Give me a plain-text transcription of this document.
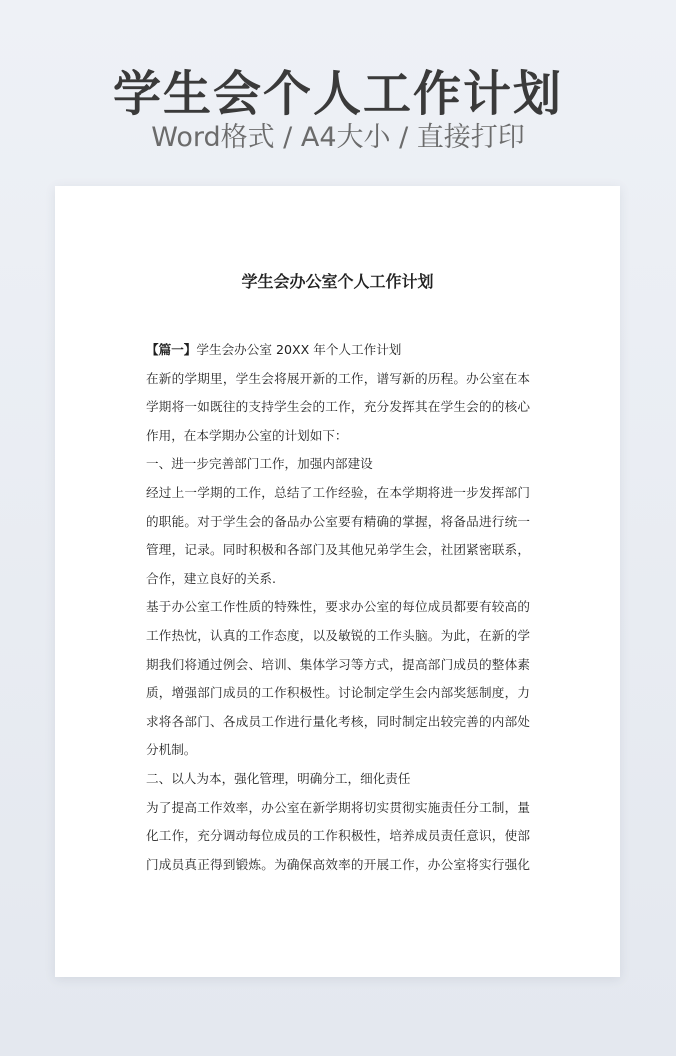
学生会个人工作计划
Word格式 / A4大小 / 直接打印
学生会办公室个人工作计划
【篇一】学生会办公室 20XX 年个人工作计划
在新的学期里，学生会将展开新的工作，谱写新的历程。办公室在本
学期将一如既往的支持学生会的工作，充分发挥其在学生会的的核心
作用，在本学期办公室的计划如下：
一、进一步完善部门工作，加强内部建设
经过上一学期的工作，总结了工作经验，在本学期将进一步发挥部门
的职能。对于学生会的备品办公室要有精确的掌握，将备品进行统一
管理，记录。同时积极和各部门及其他兄弟学生会，社团紧密联系，
合作，建立良好的关系.
基于办公室工作性质的特殊性，要求办公室的每位成员都要有较高的
工作热忱，认真的工作态度，以及敏锐的工作头脑。为此，在新的学
期我们将通过例会、培训、集体学习等方式，提高部门成员的整体素
质，增强部门成员的工作积极性。讨论制定学生会内部奖惩制度，力
求将各部门、各成员工作进行量化考核，同时制定出较完善的内部处
分机制。
二、以人为本，强化管理，明确分工，细化责任
为了提高工作效率，办公室在新学期将切实贯彻实施责任分工制，量
化工作，充分调动每位成员的工作积极性，培养成员责任意识，使部
门成员真正得到锻炼。为确保高效率的开展工作，办公室将实行强化
